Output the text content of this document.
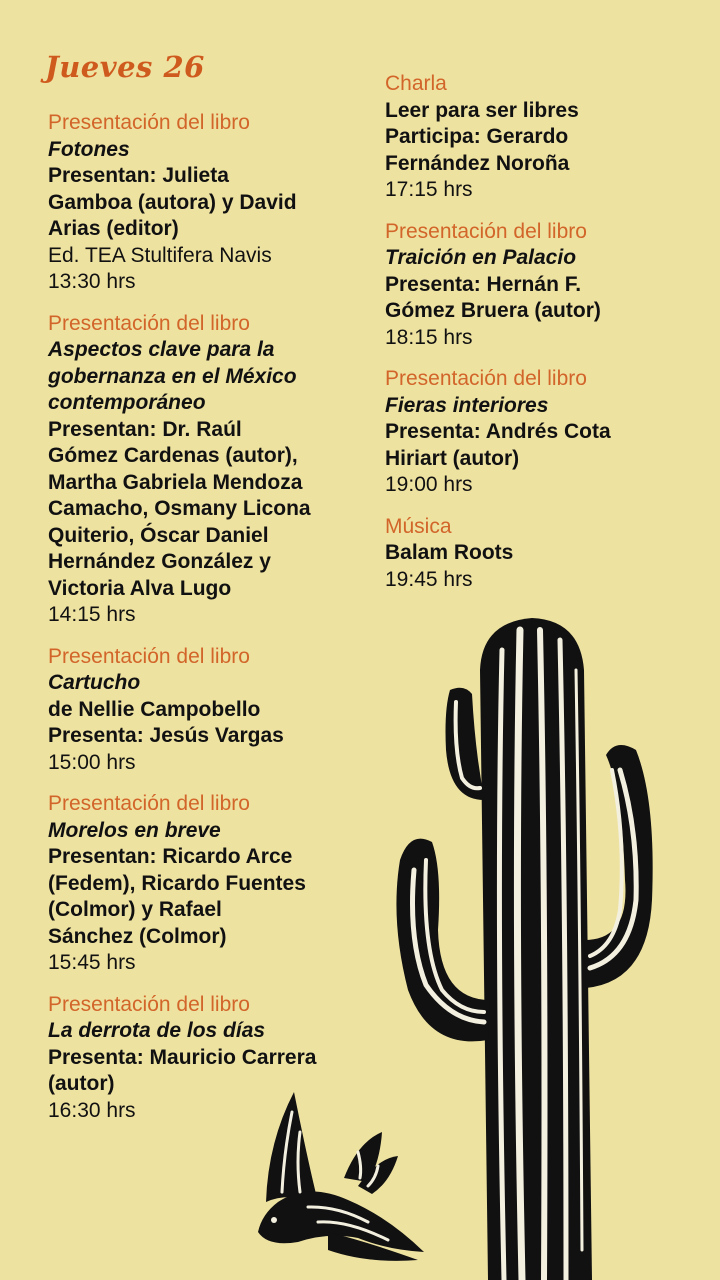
Jueves 26
Presentación del libro
Fotones
Presentan: Julieta
Gamboa (autora) y David
Arias (editor)
Ed. TEA Stultifera Navis
13:30 hrs
Presentación del libro
Aspectos clave para la
gobernanza en el México
contemporáneo
Presentan: Dr. Raúl
Gómez Cardenas (autor),
Martha Gabriela Mendoza
Camacho, Osmany Licona
Quiterio, Óscar Daniel
Hernández González y
Victoria Alva Lugo
14:15 hrs
Presentación del libro
Cartucho
de Nellie Campobello
Presenta: Jesús Vargas
15:00 hrs
Presentación del libro
Morelos en breve
Presentan: Ricardo Arce
(Fedem), Ricardo Fuentes
(Colmor) y Rafael
Sánchez (Colmor)
15:45 hrs
Presentación del libro
La derrota de los días
Presenta: Mauricio Carrera
(autor)
16:30 hrs
Charla
Leer para ser libres
Participa: Gerardo
Fernández Noroña
17:15 hrs
Presentación del libro
Traición en Palacio
Presenta: Hernán F.
Gómez Bruera (autor)
18:15 hrs
Presentación del libro
Fieras interiores
Presenta: Andrés Cota
Hiriart (autor)
19:00 hrs
Música
Balam Roots
19:45 hrs
